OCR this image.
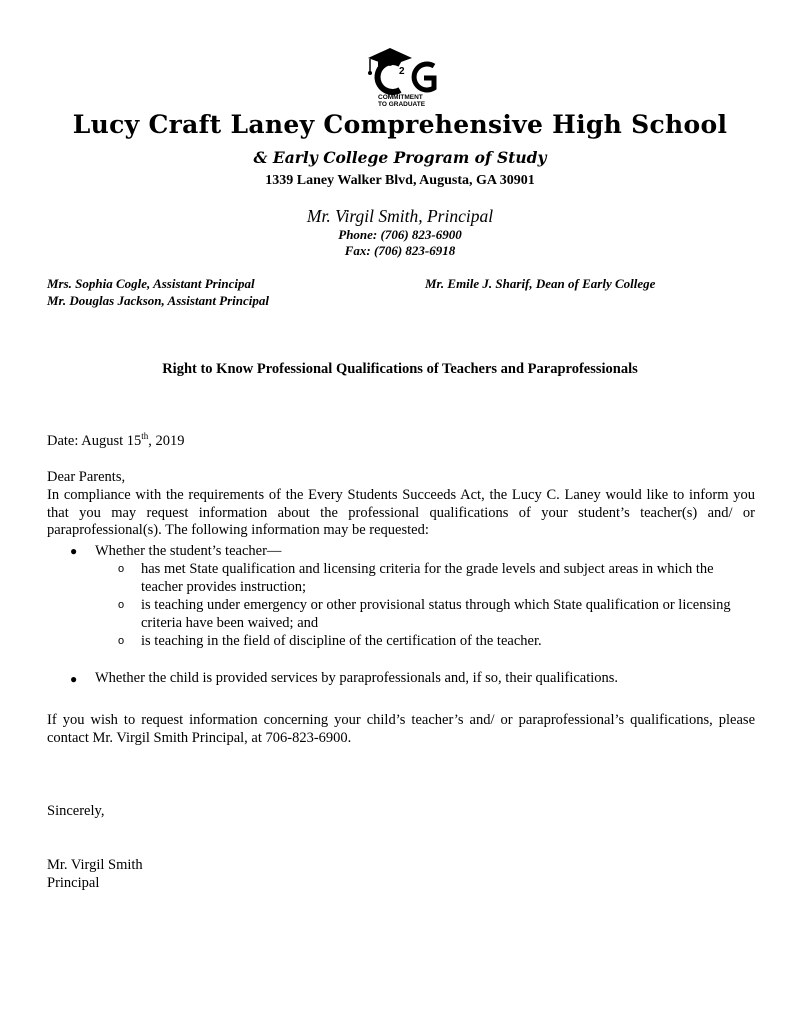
2
COMMITMENT
TO GRADUATE
Lucy Craft Laney Comprehensive High School
& Early College Program of Study
1339 Laney Walker Blvd, Augusta, GA 30901
Mr. Virgil Smith, Principal
Phone: (706) 823-6900
Fax: (706) 823-6918
Mrs. Sophia Cogle, Assistant Principal
Mr. Douglas Jackson, Assistant Principal
Mr. Emile J. Sharif, Dean of Early College
Right to Know Professional Qualifications of Teachers and Paraprofessionals
Date: August 15th, 2019
Dear Parents,
In compliance with the requirements of the Every Students Succeeds Act, the Lucy C. Laney would like to inform you that you may request information about the professional qualifications of your student’s teacher(s) and/ or paraprofessional(s). The following information may be requested:
● Whether the student’s teacher—
o has met State qualification and licensing criteria for the grade levels and subject areas in which the teacher provides instruction;
o is teaching under emergency or other provisional status through which State qualification or licensing criteria have been waived; and
o is teaching in the field of discipline of the certification of the teacher.
● Whether the child is provided services by paraprofessionals and, if so, their qualifications.
If you wish to request information concerning your child’s teacher’s and/ or paraprofessional’s qualifications, please contact Mr. Virgil Smith Principal, at 706-823-6900.
Sincerely,
Mr. Virgil Smith
Principal
